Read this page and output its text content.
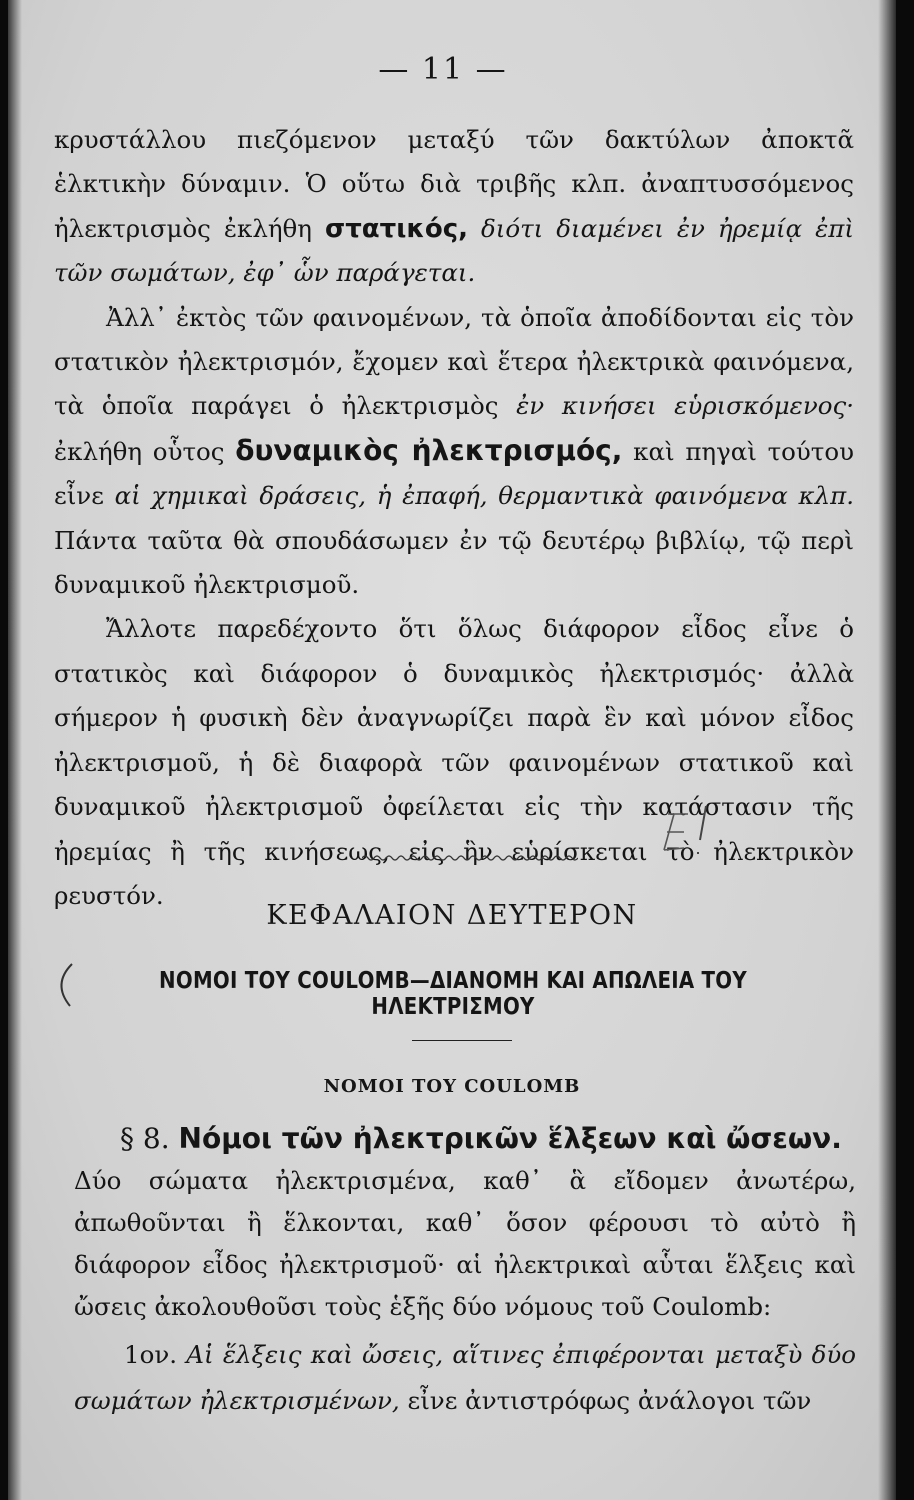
— 11 —
κρυστάλλου πιεζόμενον μεταξύ τῶν δακτύλων ἀποκτᾶ ἑλκτικὴν δύναμιν. Ὁ οὕτω διὰ τριβῆς κλπ. ἀναπτυσσόμενος ἠλεκτρισμὸς ἐκλήθη στατικός, διότι διαμένει ἐν ἠρεμίᾳ ἐπὶ τῶν σωμάτων, ἐφ᾽ ὧν παράγεται.
Ἀλλ᾽ ἐκτὸς τῶν φαινομένων, τὰ ὁποῖα ἀποδίδονται εἰς τὸν στατικὸν ἠλεκτρισμόν, ἔχομεν καὶ ἕτερα ἠλεκτρικὰ φαινόμενα, τὰ ὁποῖα παράγει ὁ ἠλεκτρισμὸς ἐν κινήσει εὑρισκόμενος· ἐκλήθη οὗτος δυναμικὸς ἠλεκτρισμός, καὶ πηγαὶ τούτου εἶνε αἱ χημικαὶ δράσεις, ἡ ἐπαφή, θερμαντικὰ φαινόμενα κλπ. Πάντα ταῦτα θὰ σπουδάσωμεν ἐν τῷ δευτέρῳ βιβλίῳ, τῷ περὶ δυναμικοῦ ἠλεκτρισμοῦ.
Ἄλλοτε παρεδέχοντο ὅτι ὅλως διάφορον εἶδος εἶνε ὁ στατικὸς καὶ διάφορον ὁ δυναμικὸς ἠλεκτρισμός· ἀλλὰ σήμερον ἡ φυσικὴ δὲν ἀναγνωρίζει παρὰ ἓν καὶ μόνον εἶδος ἠλεκτρισμοῦ, ἡ δὲ διαφορὰ τῶν φαινομένων στατικοῦ καὶ δυναμικοῦ ἠλεκτρισμοῦ ὀφείλεται εἰς τὴν κατάστασιν τῆς ἠρεμίας ἢ τῆς κινήσεως, εἰς ἣν εὑρίσκεται τὸ ἠλεκτρικὸν ρευστόν.
ΚΕΦΑΛΑΙΟΝ ΔΕΥΤΕΡΟΝ
ΝΟΜΟΙ ΤΟΥ COULOMB—ΔΙΑΝΟΜΗ ΚΑΙ ΑΠΩΛΕΙΑ ΤΟΥ ΗΛΕΚΤΡΙΣΜΟΥ
ΝΟΜΟΙ ΤΟΥ COULOMB
§ 8. Νόμοι τῶν ἠλεκτρικῶν ἕλξεων καὶ ὤσεων.
Δύο σώματα ἠλεκτρισμένα, καθ᾽ ἃ εἴδομεν ἀνωτέρω, ἀπωθοῦνται ἢ ἕλκονται, καθ᾽ ὅσον φέρουσι τὸ αὐτὸ ἢ διάφορον εἶδος ἠλεκτρισμοῦ· αἱ ἠλεκτρικαὶ αὗται ἕλξεις καὶ ὤσεις ἀκολουθοῦσι τοὺς ἑξῆς δύο νόμους τοῦ Coulomb:
1ον. Αἱ ἕλξεις καὶ ὤσεις, αἵτινες ἐπιφέρονται μεταξὺ δύο σωμάτων ἠλεκτρισμένων, εἶνε ἀντιστρόφως ἀνάλογοι τῶν
